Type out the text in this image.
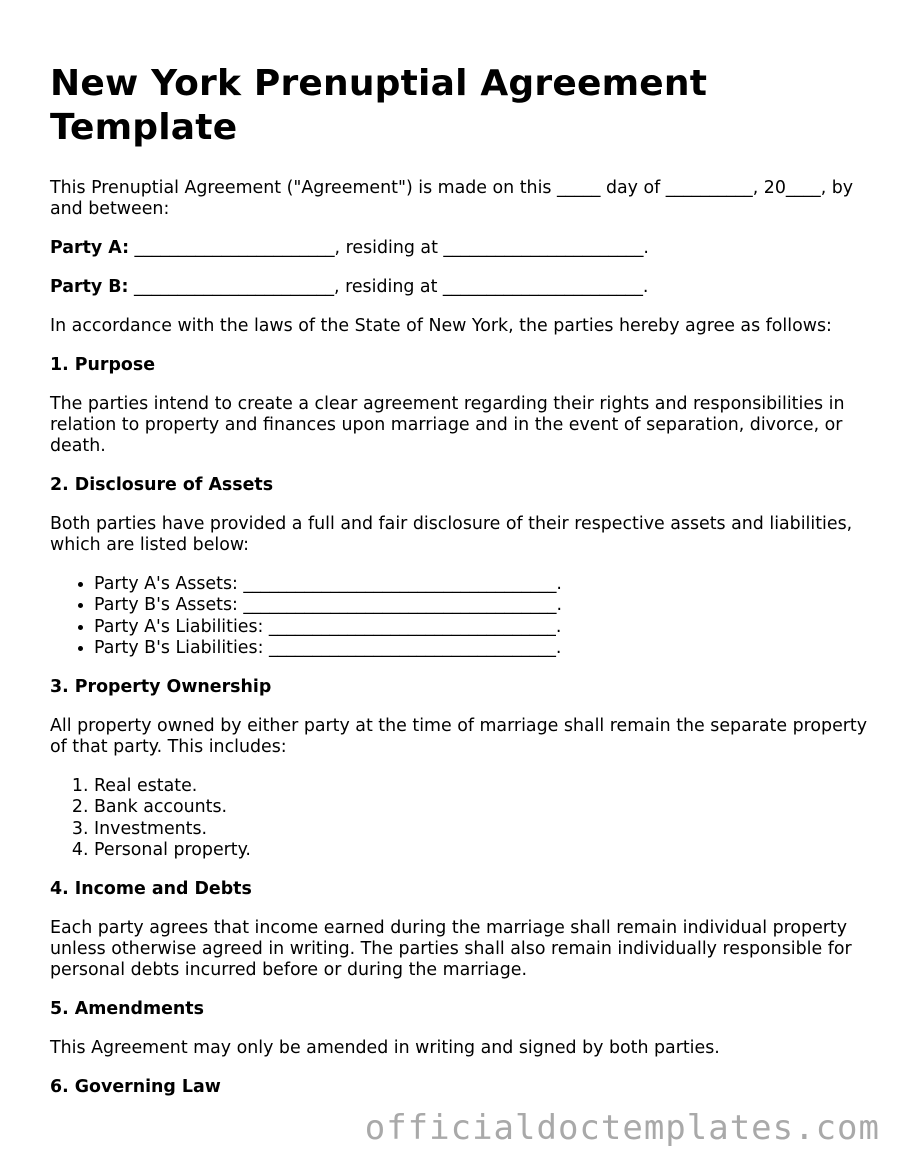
New York Prenuptial Agreement Template

This Prenuptial Agreement ("Agreement") is made on this _____ day of __________, 20____, by and between:

Party A: _______________________, residing at _______________________.

Party B: _______________________, residing at _______________________.

In accordance with the laws of the State of New York, the parties hereby agree as follows:

1. Purpose

The parties intend to create a clear agreement regarding their rights and responsibilities in relation to property and finances upon marriage and in the event of separation, divorce, or death.

2. Disclosure of Assets

Both parties have provided a full and fair disclosure of their respective assets and liabilities, which are listed below:

• Party A's Assets: ____________________________________.
• Party B's Assets: ____________________________________.
• Party A's Liabilities: _________________________________.
• Party B's Liabilities: _________________________________.
3. Property Ownership

All property owned by either party at the time of marriage shall remain the separate property of that party. This includes:

1. Real estate.
2. Bank accounts.
3. Investments.
4. Personal property.
4. Income and Debts

Each party agrees that income earned during the marriage shall remain individual property unless otherwise agreed in writing. The parties shall also remain individually responsible for personal debts incurred before or during the marriage.

5. Amendments

This Agreement may only be amended in writing and signed by both parties.

6. Governing Law
officialdoctemplates.com
